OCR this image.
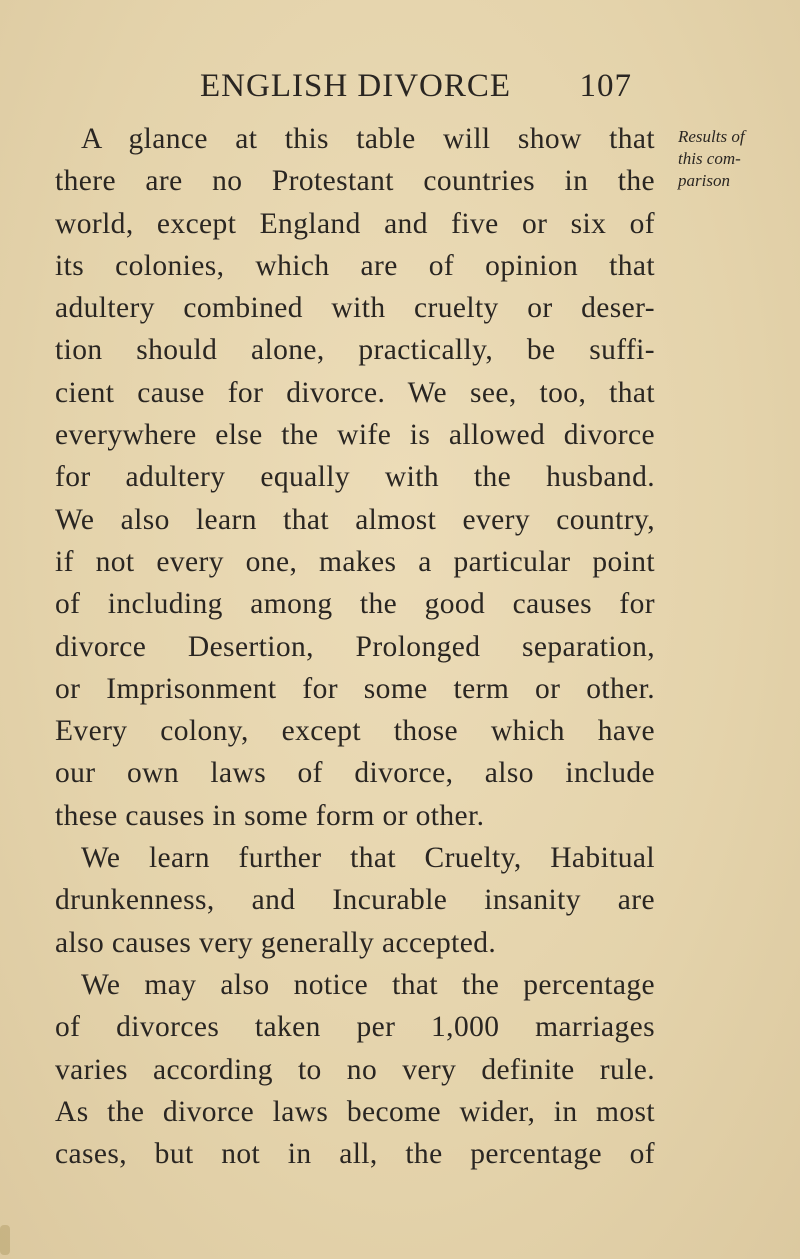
ENGLISH DIVORCE 107
Results of
this com-
parison
A glance at this table will show that
there are no Protestant countries in the
world, except England and five or six of
its colonies, which are of opinion that
adultery combined with cruelty or deser-
tion should alone, practically, be suffi-
cient cause for divorce. We see, too, that
everywhere else the wife is allowed divorce
for adultery equally with the husband.
We also learn that almost every country,
if not every one, makes a particular point
of including among the good causes for
divorce Desertion, Prolonged separation,
or Imprisonment for some term or other.
Every colony, except those which have
our own laws of divorce, also include
these causes in some form or other.
We learn further that Cruelty, Habitual
drunkenness, and Incurable insanity are
also causes very generally accepted.
We may also notice that the percentage
of divorces taken per 1,000 marriages
varies according to no very definite rule.
As the divorce laws become wider, in most
cases, but not in all, the percentage of
